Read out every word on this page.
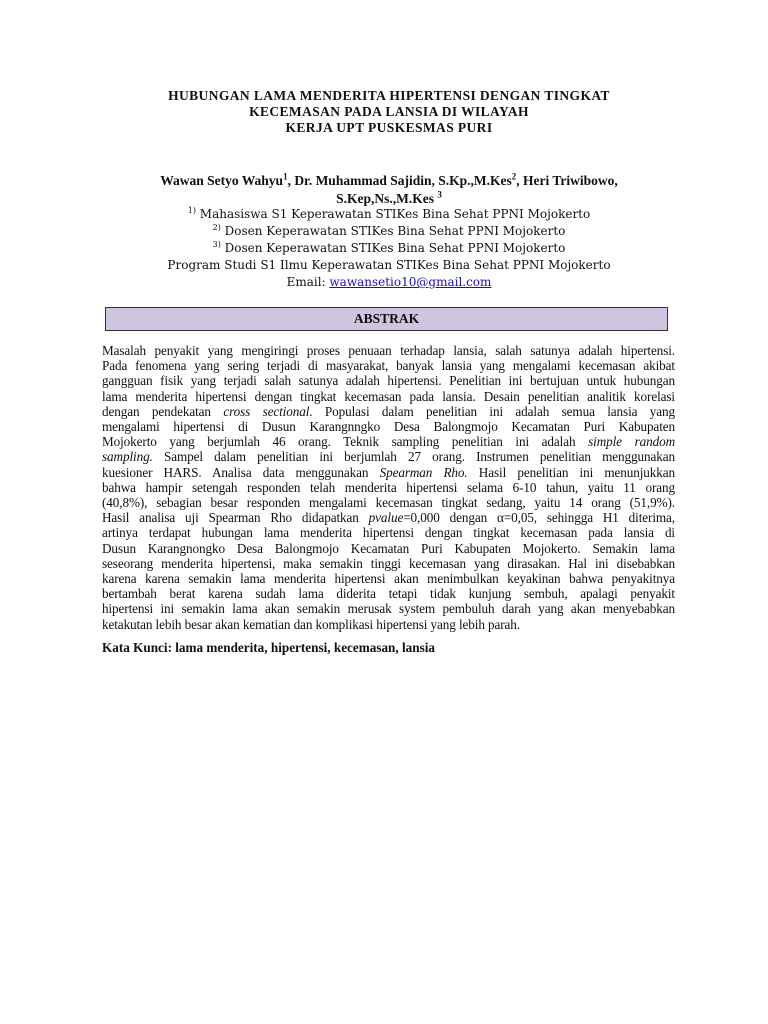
HUBUNGAN LAMA MENDERITA HIPERTENSI DENGAN TINGKAT
KECEMASAN PADA LANSIA DI WILAYAH
KERJA UPT PUSKESMAS PURI
Wawan Setyo Wahyu$^1$, Dr. Muhammad Sajidin, S.Kp.,M.Kes$^2$, Heri Triwibowo,
S.Kep,Ns.,M.Kes $^3$
$^{1)}$ Mahasiswa S1 Keperawatan STIKes Bina Sehat PPNI Mojokerto
$^{2)}$ Dosen Keperawatan STIKes Bina Sehat PPNI Mojokerto
$^{3)}$ Dosen Keperawatan STIKes Bina Sehat PPNI Mojokerto
Program Studi S1 Ilmu Keperawatan STIKes Bina Sehat PPNI Mojokerto
Email: wawansetio10@gmail.com
ABSTRAK
Masalah penyakit yang mengiringi proses penuaan terhadap lansia, salah satunya adalah hipertensi.
Pada fenomena yang sering terjadi di masyarakat, banyak lansia yang mengalami kecemasan akibat
gangguan fisik yang terjadi salah satunya adalah hipertensi. Penelitian ini bertujuan untuk hubungan
lama menderita hipertensi dengan tingkat kecemasan pada lansia. Desain penelitian analitik korelasi
dengan pendekatan cross sectional. Populasi dalam penelitian ini adalah semua lansia yang
mengalami hipertensi di Dusun Karangnngko Desa Balongmojo Kecamatan Puri Kabupaten
Mojokerto yang berjumlah 46 orang. Teknik sampling penelitian ini adalah simple random
sampling. Sampel dalam penelitian ini berjumlah 27 orang. Instrumen penelitian menggunakan
kuesioner HARS. Analisa data menggunakan Spearman Rho. Hasil penelitian ini menunjukkan
bahwa hampir setengah responden telah menderita hipertensi selama 6-10 tahun, yaitu 11 orang
(40,8%), sebagian besar responden mengalami kecemasan tingkat sedang, yaitu 14 orang (51,9%).
Hasil analisa uji Spearman Rho didapatkan pvalue=0,000 dengan α=0,05, sehingga H1 diterima,
artinya terdapat hubungan lama menderita hipertensi dengan tingkat kecemasan pada lansia di
Dusun Karangnongko Desa Balongmojo Kecamatan Puri Kabupaten Mojokerto. Semakin lama
seseorang menderita hipertensi, maka semakin tinggi kecemasan yang dirasakan. Hal ini disebabkan
karena karena semakin lama menderita hipertensi akan menimbulkan keyakinan bahwa penyakitnya
bertambah berat karena sudah lama diderita tetapi tidak kunjung sembuh, apalagi penyakit
hipertensi ini semakin lama akan semakin merusak system pembuluh darah yang akan menyebabkan
ketakutan lebih besar akan kematian dan komplikasi hipertensi yang lebih parah.
Kata Kunci: lama menderita, hipertensi, kecemasan, lansia
